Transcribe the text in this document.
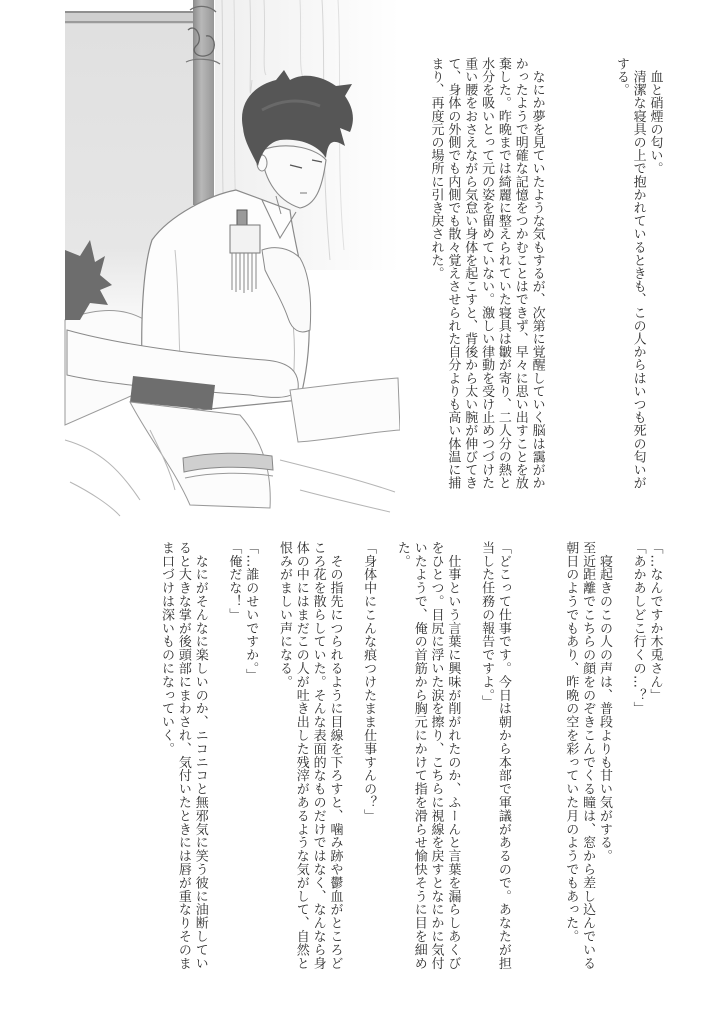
　血と硝煙の匂い。
　清潔な寝具の上で抱かれているときも、この人からはいつも死の匂いが
する。
　なにか夢を見ていたような気もするが、次第に覚醒していく脳は靄がか
かったようで明確な記憶をつかむことはできず、早々に思い出すことを放
棄した。昨晩までは綺麗に整えられていた寝具は皺が寄り、二人分の熱と
水分を吸いとって元の姿を留めていない。激しい律動を受け止めつづけた
重い腰をおさえながら気怠い身体を起こすと、背後から太い腕が伸びてき
て、身体の外側でも内側でも散々覚えさせられた自分よりも高い体温に捕
まり、再度元の場所に引き戻された。
「…なんですか木兎さん」
「あかあしどこ行くの…？」
　寝起きのこの人の声は、普段よりも甘い気がする。
至近距離でこちらの顔をのぞきこんでくる瞳は、窓から差し込んでいる
朝日のようでもあり、昨晩の空を彩っていた月のようでもあった。
「どこって仕事です。今日は朝から本部で軍議があるので。あなたが担
当した任務の報告ですよ。」
　仕事という言葉に興味が削がれたのか、ふーんと言葉を漏らしあくび
をひとつ。目尻に浮いた涙を擦り、こちらに視線を戻すとなにかに気付
いたようで、俺の首筋から胸元にかけて指を滑らせ愉快そうに目を細め
た。
「身体中にこんな痕つけたまま仕事すんの？」
　その指先につられるように目線を下ろすと、噛み跡や鬱血がところど
ころ花を散らしていた。そんな表面的なものだけではなく、なんなら身
体の中にはまだこの人が吐き出した残滓があるような気がして、自然と
恨みがましい声になる。
「…誰のせいですか。」
「俺だな！」
　なにがそんなに楽しいのか、ニコニコと無邪気に笑う彼に油断してい
ると大きな掌が後頭部にまわされ、気付いたときには唇が重なりそのま
ま口づけは深いものになっていく。
